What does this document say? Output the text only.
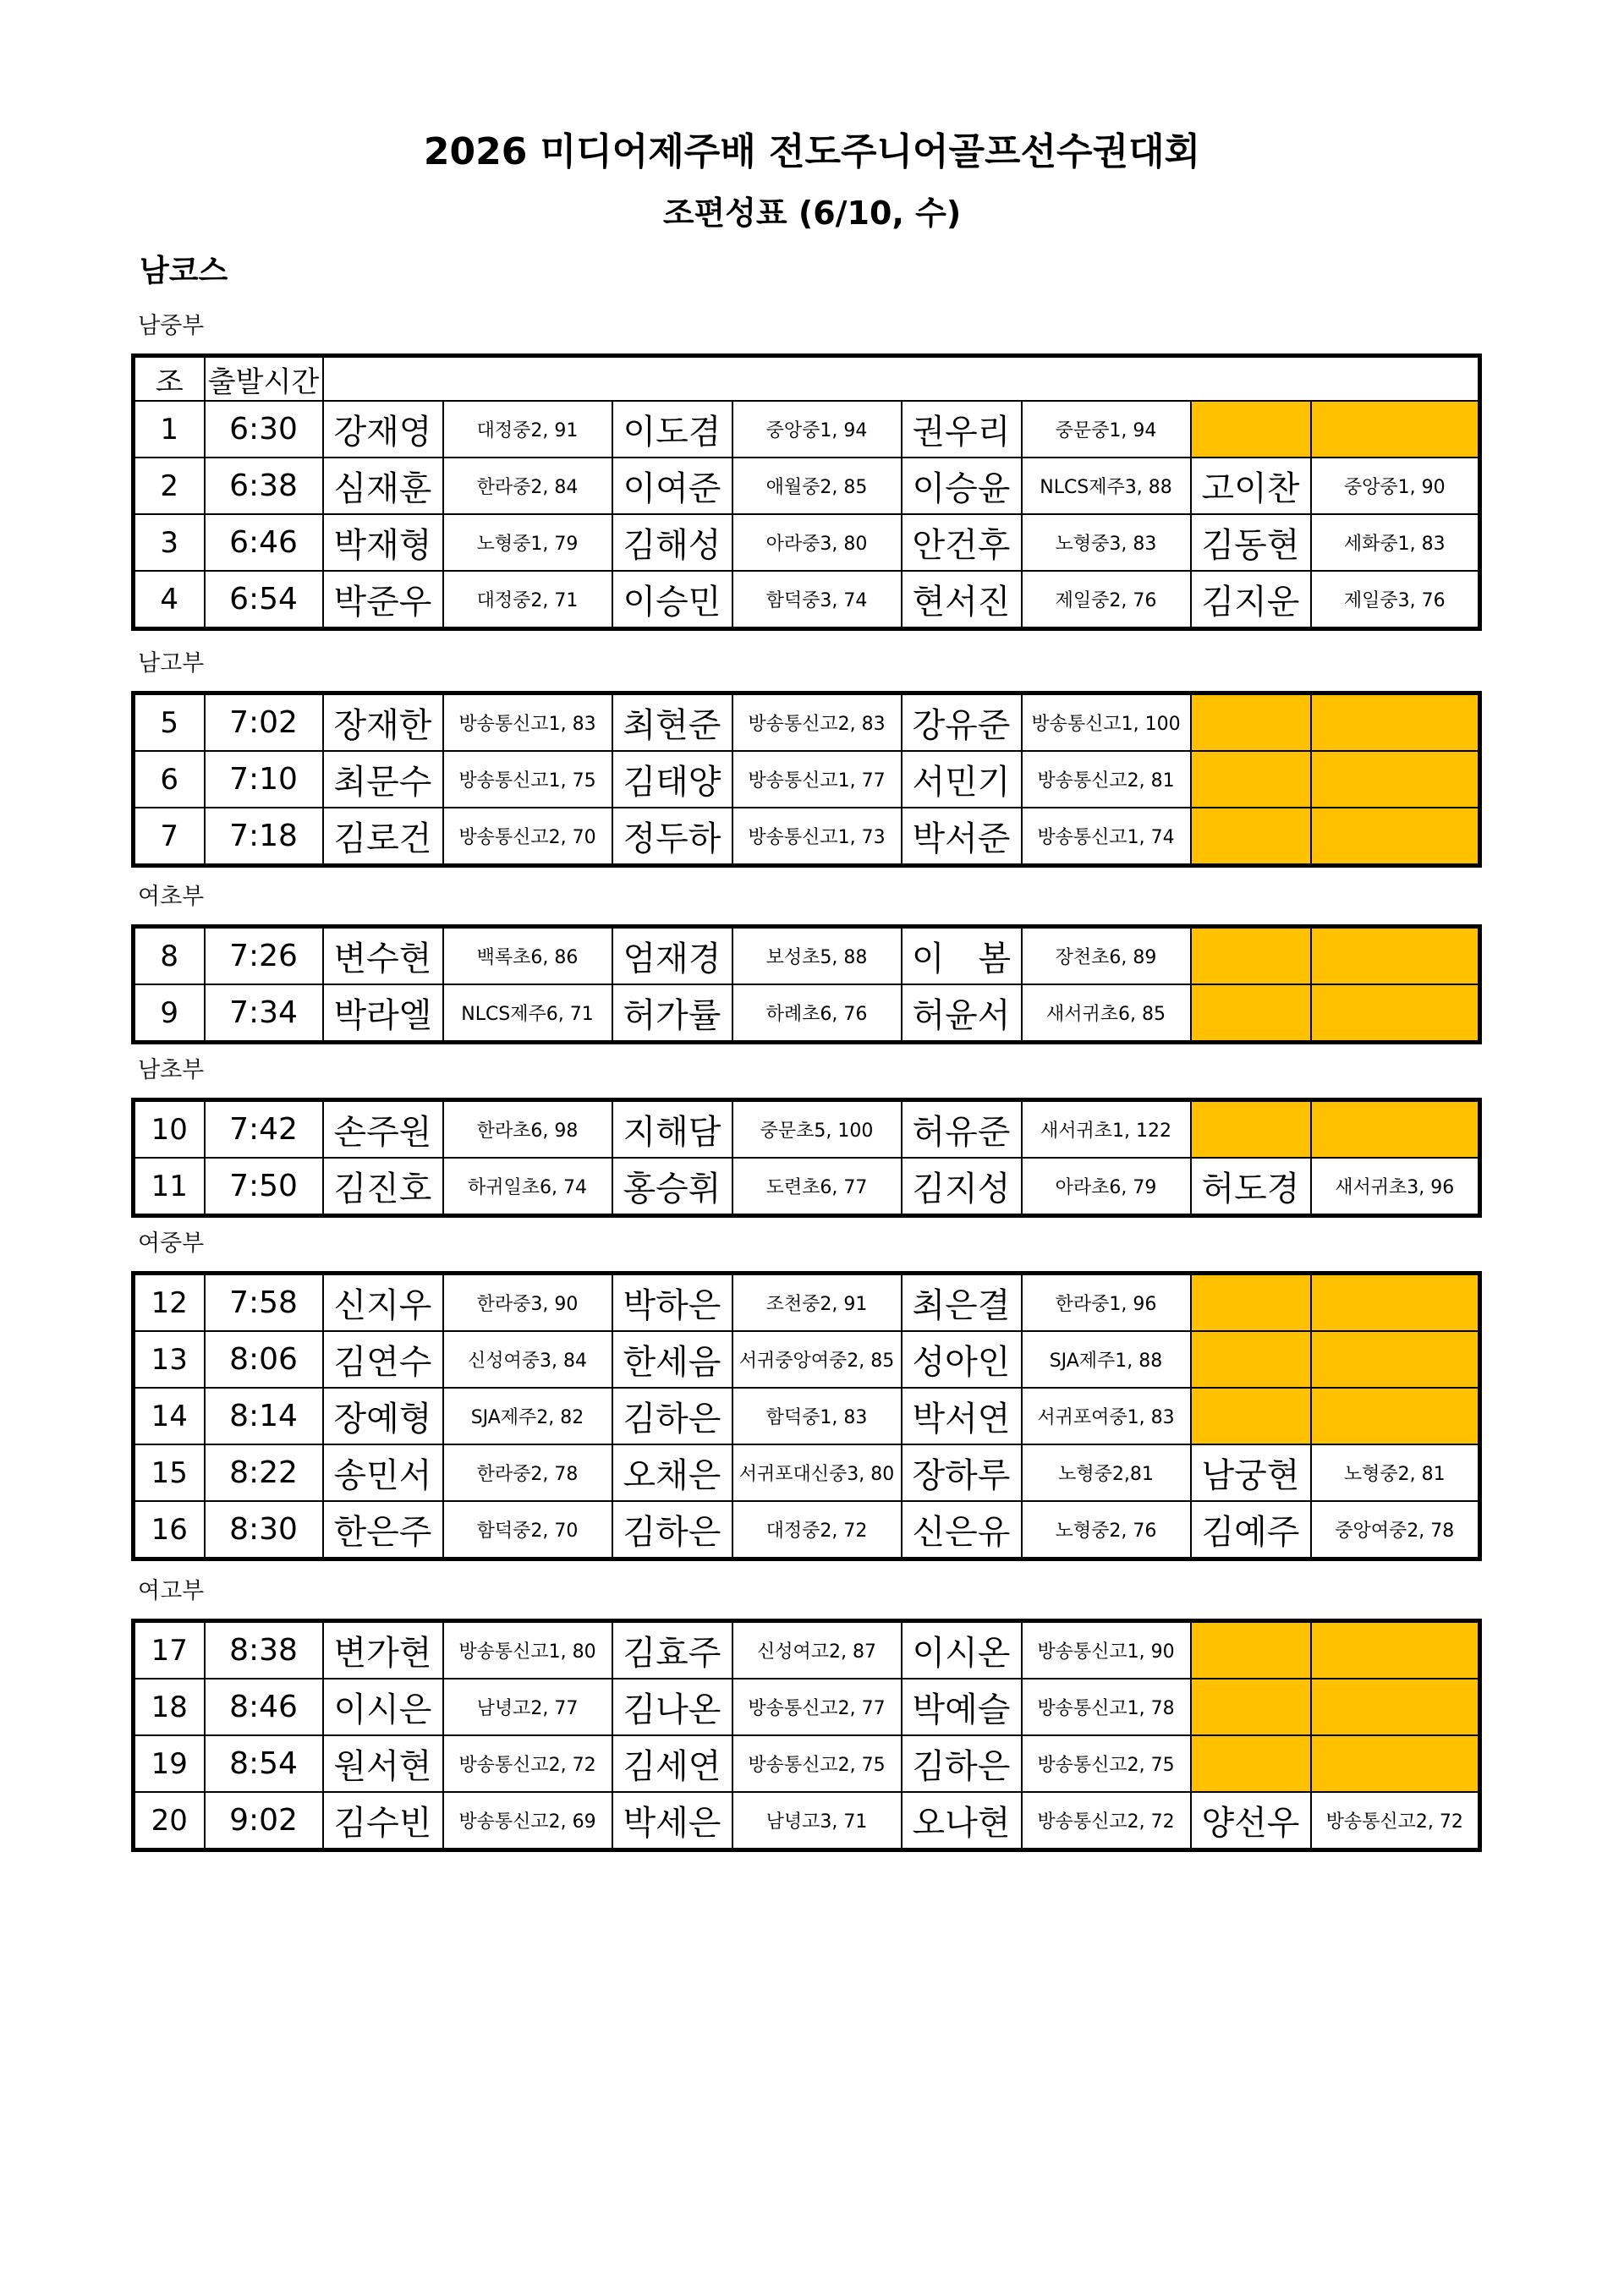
2026 미디어제주배 전도주니어골프선수권대회
조편성표 (6/10, 수)
남코스
남중부
조	출발시간								
1	6:30	강재영	대정중2, 91	이도겸	중앙중1, 94	권우리	중문중1, 94		
2	6:38	심재훈	한라중2, 84	이여준	애월중2, 85	이승윤	NLCS제주3, 88	고이찬	중앙중1, 90
3	6:46	박재형	노형중1, 79	김해성	아라중3, 80	안건후	노형중3, 83	김동현	세화중1, 83
4	6:54	박준우	대정중2, 71	이승민	함덕중3, 74	현서진	제일중2, 76	김지운	제일중3, 76
남고부
5	7:02	장재한	방송통신고1, 83	최현준	방송통신고2, 83	강유준	방송통신고1, 100		
6	7:10	최문수	방송통신고1, 75	김태양	방송통신고1, 77	서민기	방송통신고2, 81		
7	7:18	김로건	방송통신고2, 70	정두하	방송통신고1, 73	박서준	방송통신고1, 74		
여초부
8	7:26	변수현	백록초6, 86	엄재경	보성초5, 88	이　봄	장천초6, 89		
9	7:34	박라엘	NLCS제주6, 71	허가률	하례초6, 76	허윤서	새서귀초6, 85		
남초부
10	7:42	손주원	한라초6, 98	지해담	중문초5, 100	허유준	새서귀초1, 122		
11	7:50	김진호	하귀일초6, 74	홍승휘	도련초6, 77	김지성	아라초6, 79	허도경	새서귀초3, 96
여중부
12	7:58	신지우	한라중3, 90	박하은	조천중2, 91	최은결	한라중1, 96		
13	8:06	김연수	신성여중3, 84	한세음	서귀중앙여중2, 85	성아인	SJA제주1, 88		
14	8:14	장예형	SJA제주2, 82	김하은	함덕중1, 83	박서연	서귀포여중1, 83		
15	8:22	송민서	한라중2, 78	오채은	서귀포대신중3, 80	장하루	노형중2,81	남궁현	노형중2, 81
16	8:30	한은주	함덕중2, 70	김하은	대정중2, 72	신은유	노형중2, 76	김예주	중앙여중2, 78
여고부
17	8:38	변가현	방송통신고1, 80	김효주	신성여고2, 87	이시온	방송통신고1, 90		
18	8:46	이시은	남녕고2, 77	김나온	방송통신고2, 77	박예슬	방송통신고1, 78		
19	8:54	원서현	방송통신고2, 72	김세연	방송통신고2, 75	김하은	방송통신고2, 75		
20	9:02	김수빈	방송통신고2, 69	박세은	남녕고3, 71	오나현	방송통신고2, 72	양선우	방송통신고2, 72
